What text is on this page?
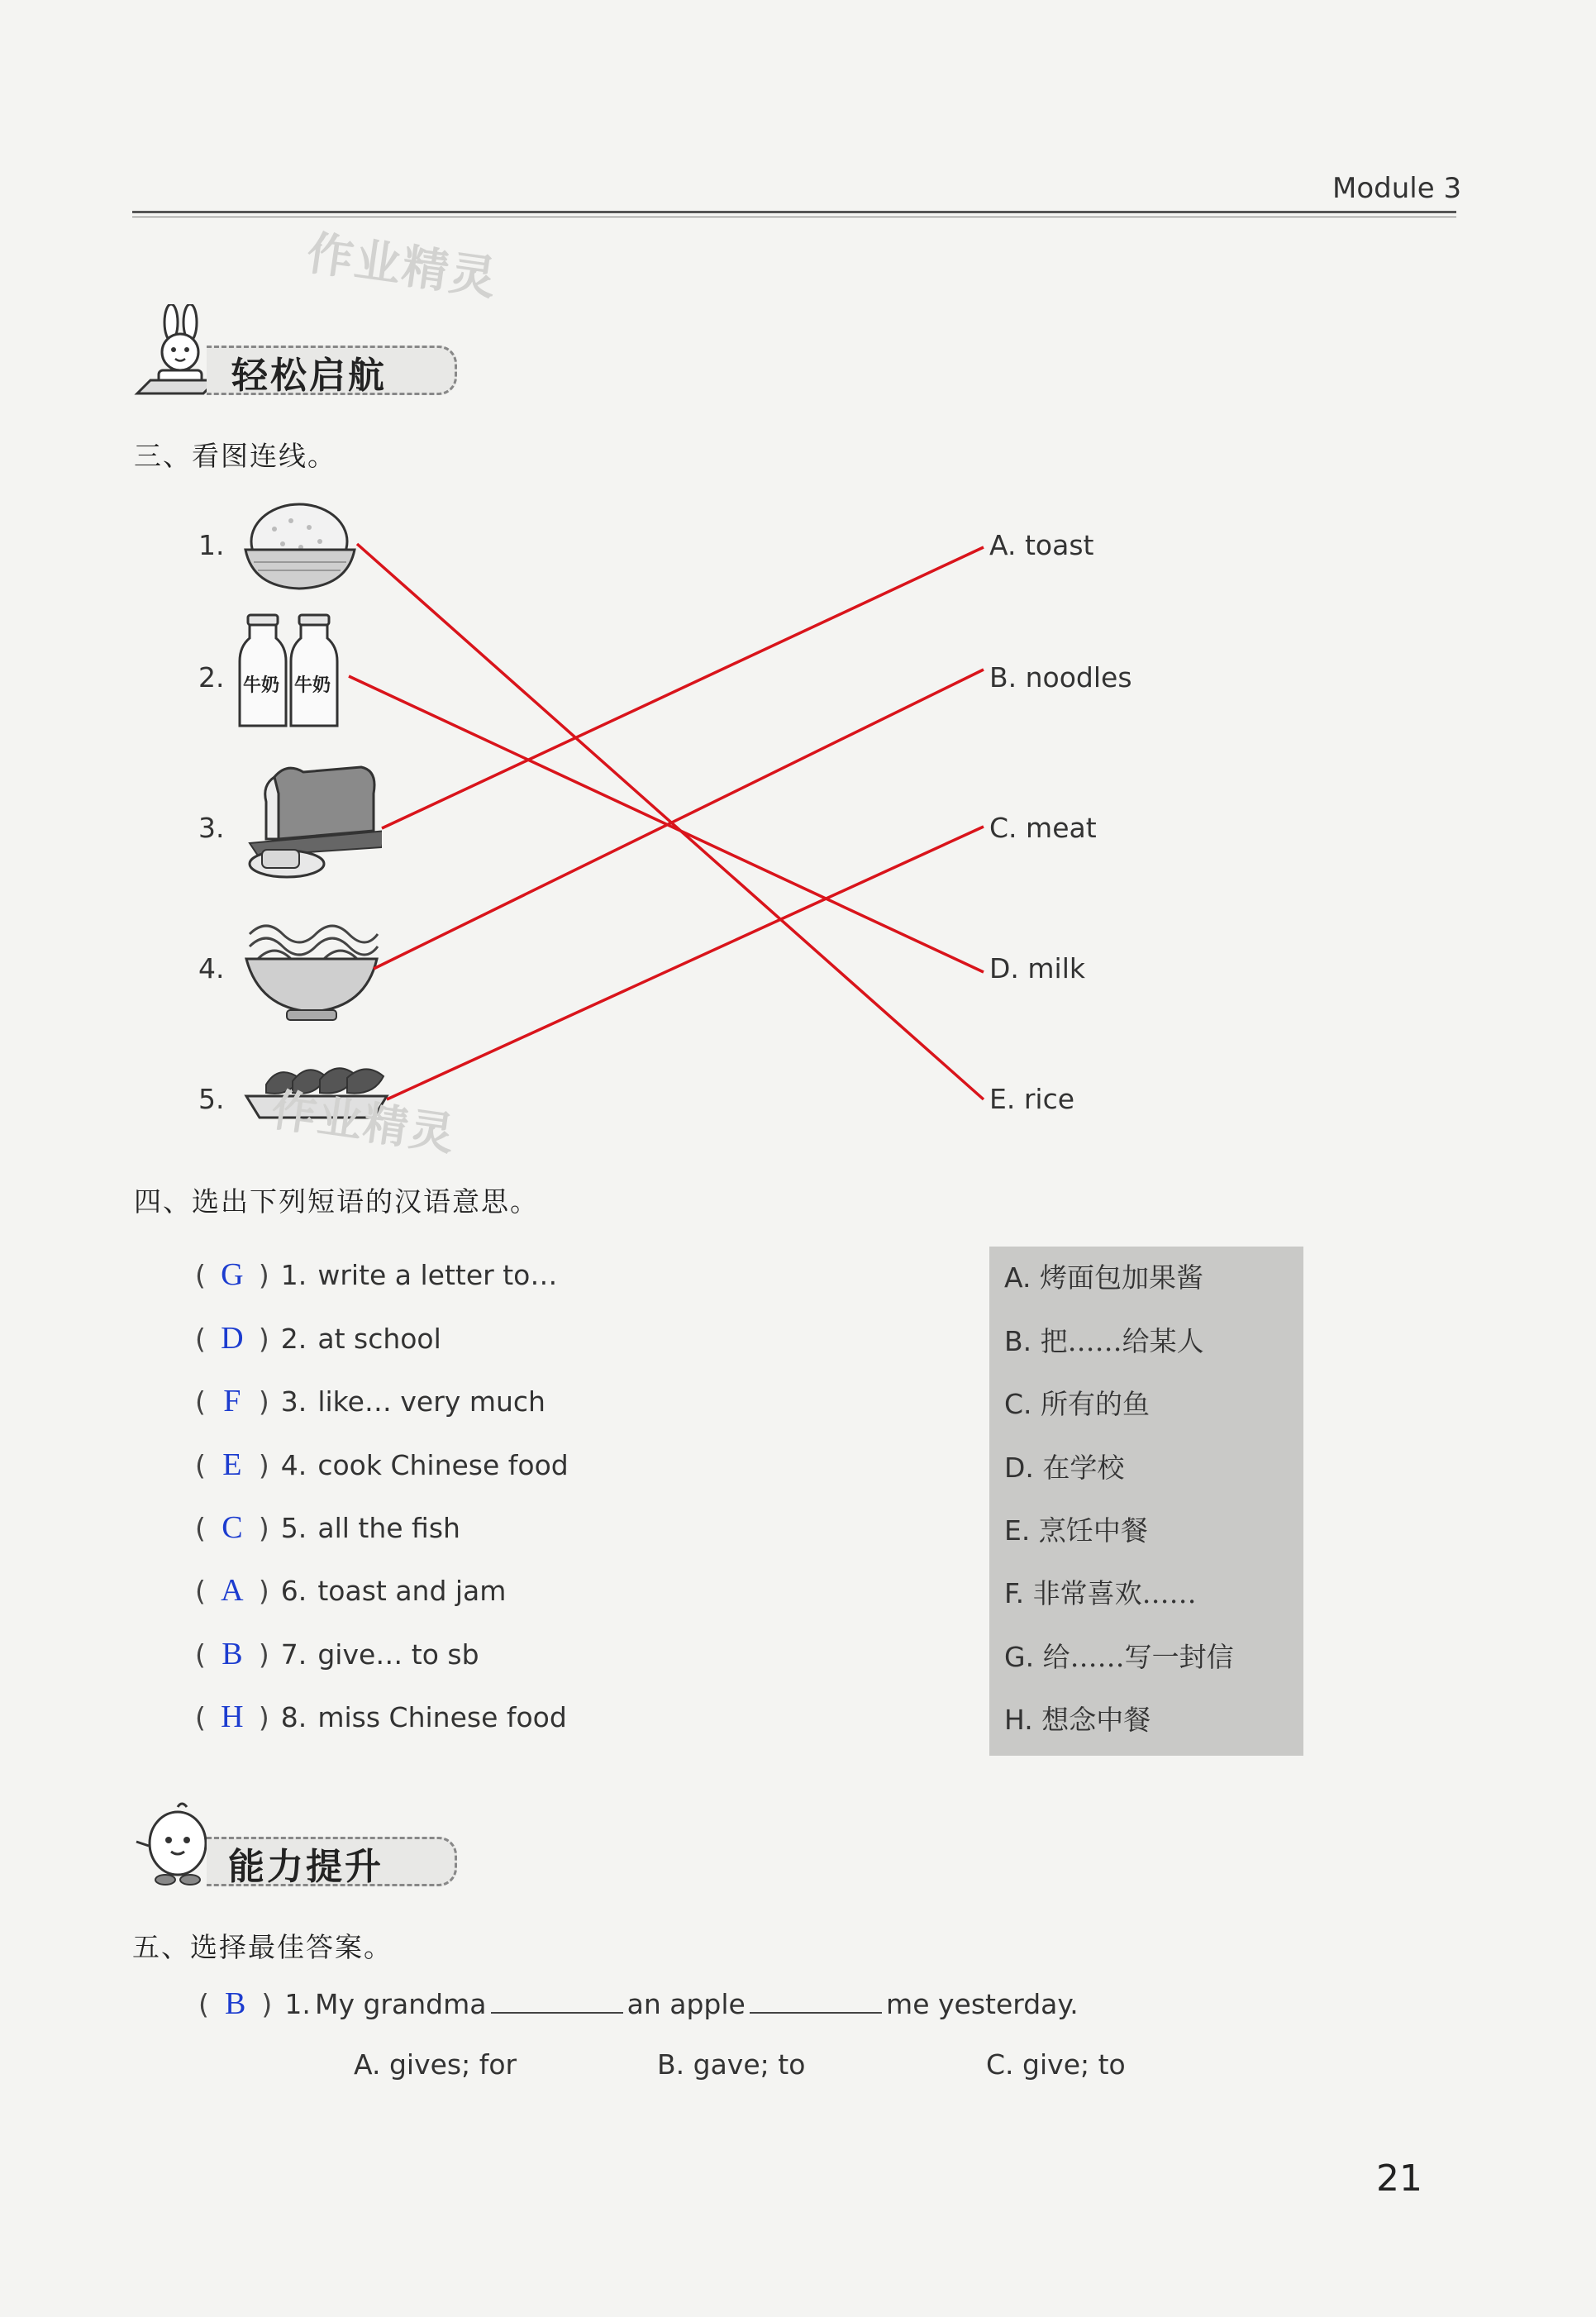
Module 3
作业精灵
轻松启航
三、看图连线。
1.
2.
3.
4.
5.
牛奶 牛奶
作业精灵
A. toast
B. noodles
C. meat
D. milk
E. rice
四、选出下列短语的汉语意思。
( G ) 1. write a letter to…
( D ) 2. at school
( F ) 3. like… very much
( E ) 4. cook Chinese food
( C ) 5. all the fish
( A ) 6. toast and jam
( B ) 7. give… to sb
( H ) 8. miss Chinese food
A. 烤面包加果酱
B. 把……给某人
C. 所有的鱼
D. 在学校
E. 烹饪中餐
F. 非常喜欢……
G. 给……写一封信
H. 想念中餐
能力提升
五、选择最佳答案。
( B ) 1. My grandma	an apple	me yesterday.
A. gives; for	B. gave; to	C. give; to
21
